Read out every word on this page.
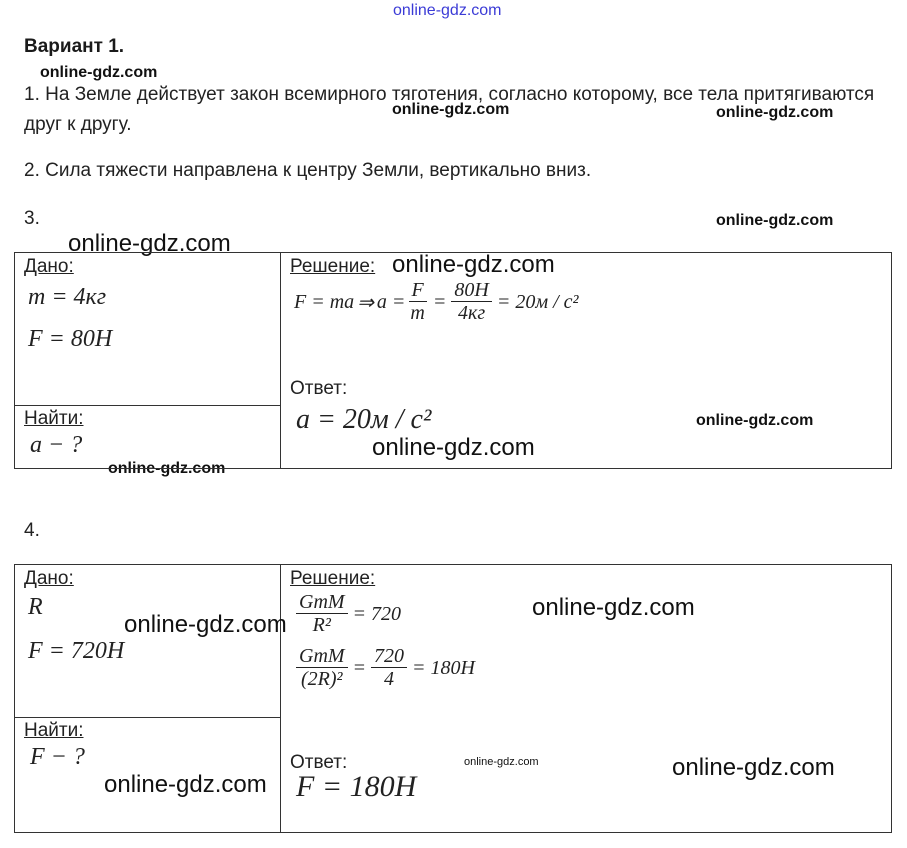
online-gdz.com
online-gdz.com
online-gdz.com	online-gdz.com
online-gdz.com
online-gdz.com
online-gdz.com
online-gdz.com
Вариант 1.
1. На Земле действует закон всемирного тяготения, согласно которому, все тела притягиваются друг к другу.
2. Сила тяжести направлена к центру Земли, вертикально вниз.
3.
Дано:
m = 4кг
F = 80H
Найти:
a − ?
Решение: online-gdz.com
F = ma ⇒ $a = \frac{F}{m} = \frac{80H}{4кг} = 20м / с^2$
Ответ:
a = 20м / с²
online-gdz.com
4.
Дано:
R
F = 720H
Найти:
F − ?
Решение:
$\frac{\text{GmM}}{\text{R²}} = 720$
$\frac{\text{GmM}}{\text{(2R)²}} = \frac{720}{4} = 180H$
Ответ:
F = 180H
online-gdz.com
online-gdz.com
online-gdz.com	online-gdz.com
online-gdz.com
